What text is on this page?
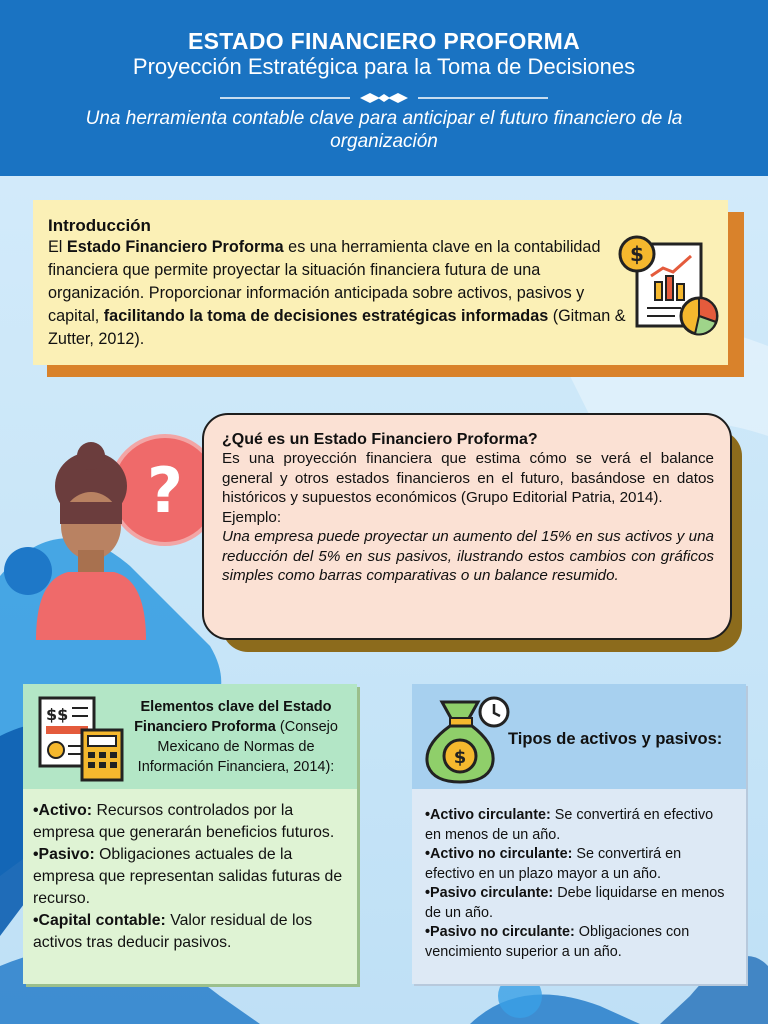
ESTADO FINANCIERO PROFORMA
Proyección Estratégica para la Toma de Decisiones
Una herramienta contable clave para anticipar el futuro financiero de la organización
Introducción
El Estado Financiero Proforma es una herramienta clave en la contabilidad financiera que permite proyectar la situación financiera futura de una organización. Proporcionar información anticipada sobre activos, pasivos y capital, facilitando la toma de decisiones estratégicas informadas (Gitman & Zutter, 2012).
$
?
¿Qué es un Estado Financiero Proforma?
Es una proyección financiera que estima cómo se verá el balance general y otros estados financieros en el futuro, basándose en datos históricos y supuestos económicos (Grupo Editorial Patria, 2014).
Ejemplo:
Una empresa puede proyectar un aumento del 15% en sus activos y una reducción del 5% en sus pasivos, ilustrando estos cambios con gráficos simples como barras comparativas o un balance resumido.
$$	Elementos clave del Estado Financiero Proforma (Consejo Mexicano de Normas de Información Financiera, 2014):
•Activo: Recursos controlados por la empresa que generarán beneficios futuros.
•Pasivo: Obligaciones actuales de la empresa que representan salidas futuras de recurso.
•Capital contable: Valor residual de los activos tras deducir pasivos.
$
Tipos de activos y pasivos:
•Activo circulante: Se convertirá en efectivo en menos de un año.
•Activo no circulante: Se convertirá en efectivo en un plazo mayor a un año.
•Pasivo circulante: Debe liquidarse en menos de un año.
•Pasivo no circulante: Obligaciones con vencimiento superior a un año.
